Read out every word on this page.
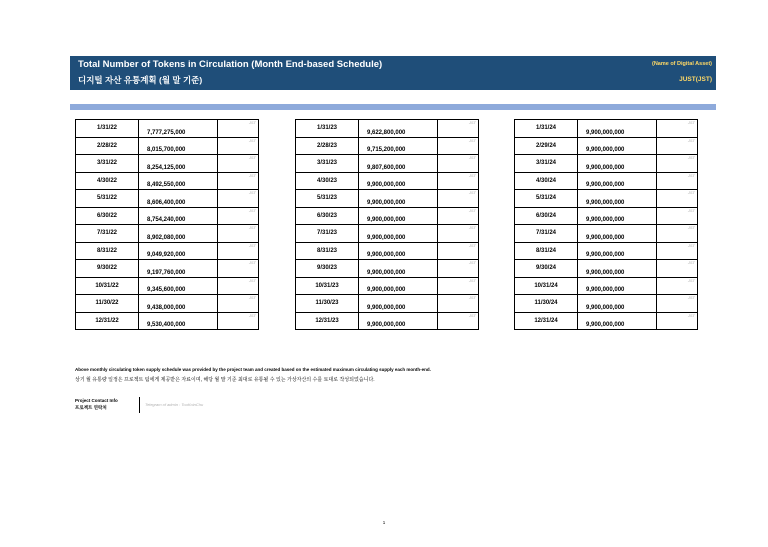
Total Number of Tokens in Circulation (Month End-based Schedule)
디지털 자산 유통계획 (월 말 기준)
(Name of Digital Asset)
JUST(JST)
1/31/22	7,777,275,000	JST
2/28/22	8,015,700,000	JST
3/31/22	8,254,125,000	JST
4/30/22	8,492,550,000	JST
5/31/22	8,606,400,000	JST
6/30/22	8,754,240,000	JST
7/31/22	8,902,080,000	JST
8/31/22	9,049,920,000	JST
9/30/22	9,197,760,000	JST
10/31/22	9,345,600,000	JST
11/30/22	9,438,000,000	JST
12/31/22	9,530,400,000	JST
1/31/23	9,622,800,000	JST
2/28/23	9,715,200,000	JST
3/31/23	9,807,600,000	JST
4/30/23	9,900,000,000	JST
5/31/23	9,900,000,000	JST
6/30/23	9,900,000,000	JST
7/31/23	9,900,000,000	JST
8/31/23	9,900,000,000	JST
9/30/23	9,900,000,000	JST
10/31/23	9,900,000,000	JST
11/30/23	9,900,000,000	JST
12/31/23	9,900,000,000	JST
1/31/24	9,900,000,000	JST
2/29/24	9,900,000,000	JST
3/31/24	9,900,000,000	JST
4/30/24	9,900,000,000	JST
5/31/24	9,900,000,000	JST
6/30/24	9,900,000,000	JST
7/31/24	9,900,000,000	JST
8/31/24	9,900,000,000	JST
9/30/24	9,900,000,000	JST
10/31/24	9,900,000,000	JST
11/30/24	9,900,000,000	JST
12/31/24	9,900,000,000	JST
Above monthly circulating token supply schedule was provided by the project team and created based on the estimated maximum circulating supply each month-end.
상기 월 유통량 일정은 프로젝트 팀에게 제공받은 자료이며, 해당 월 말 기준 최대로 유통될 수 있는 가상자산의 수를 토대로 작성되었습니다.
Project Contact Info
프로젝트 연락처
Telegram of admin : TouKoinChu
1
